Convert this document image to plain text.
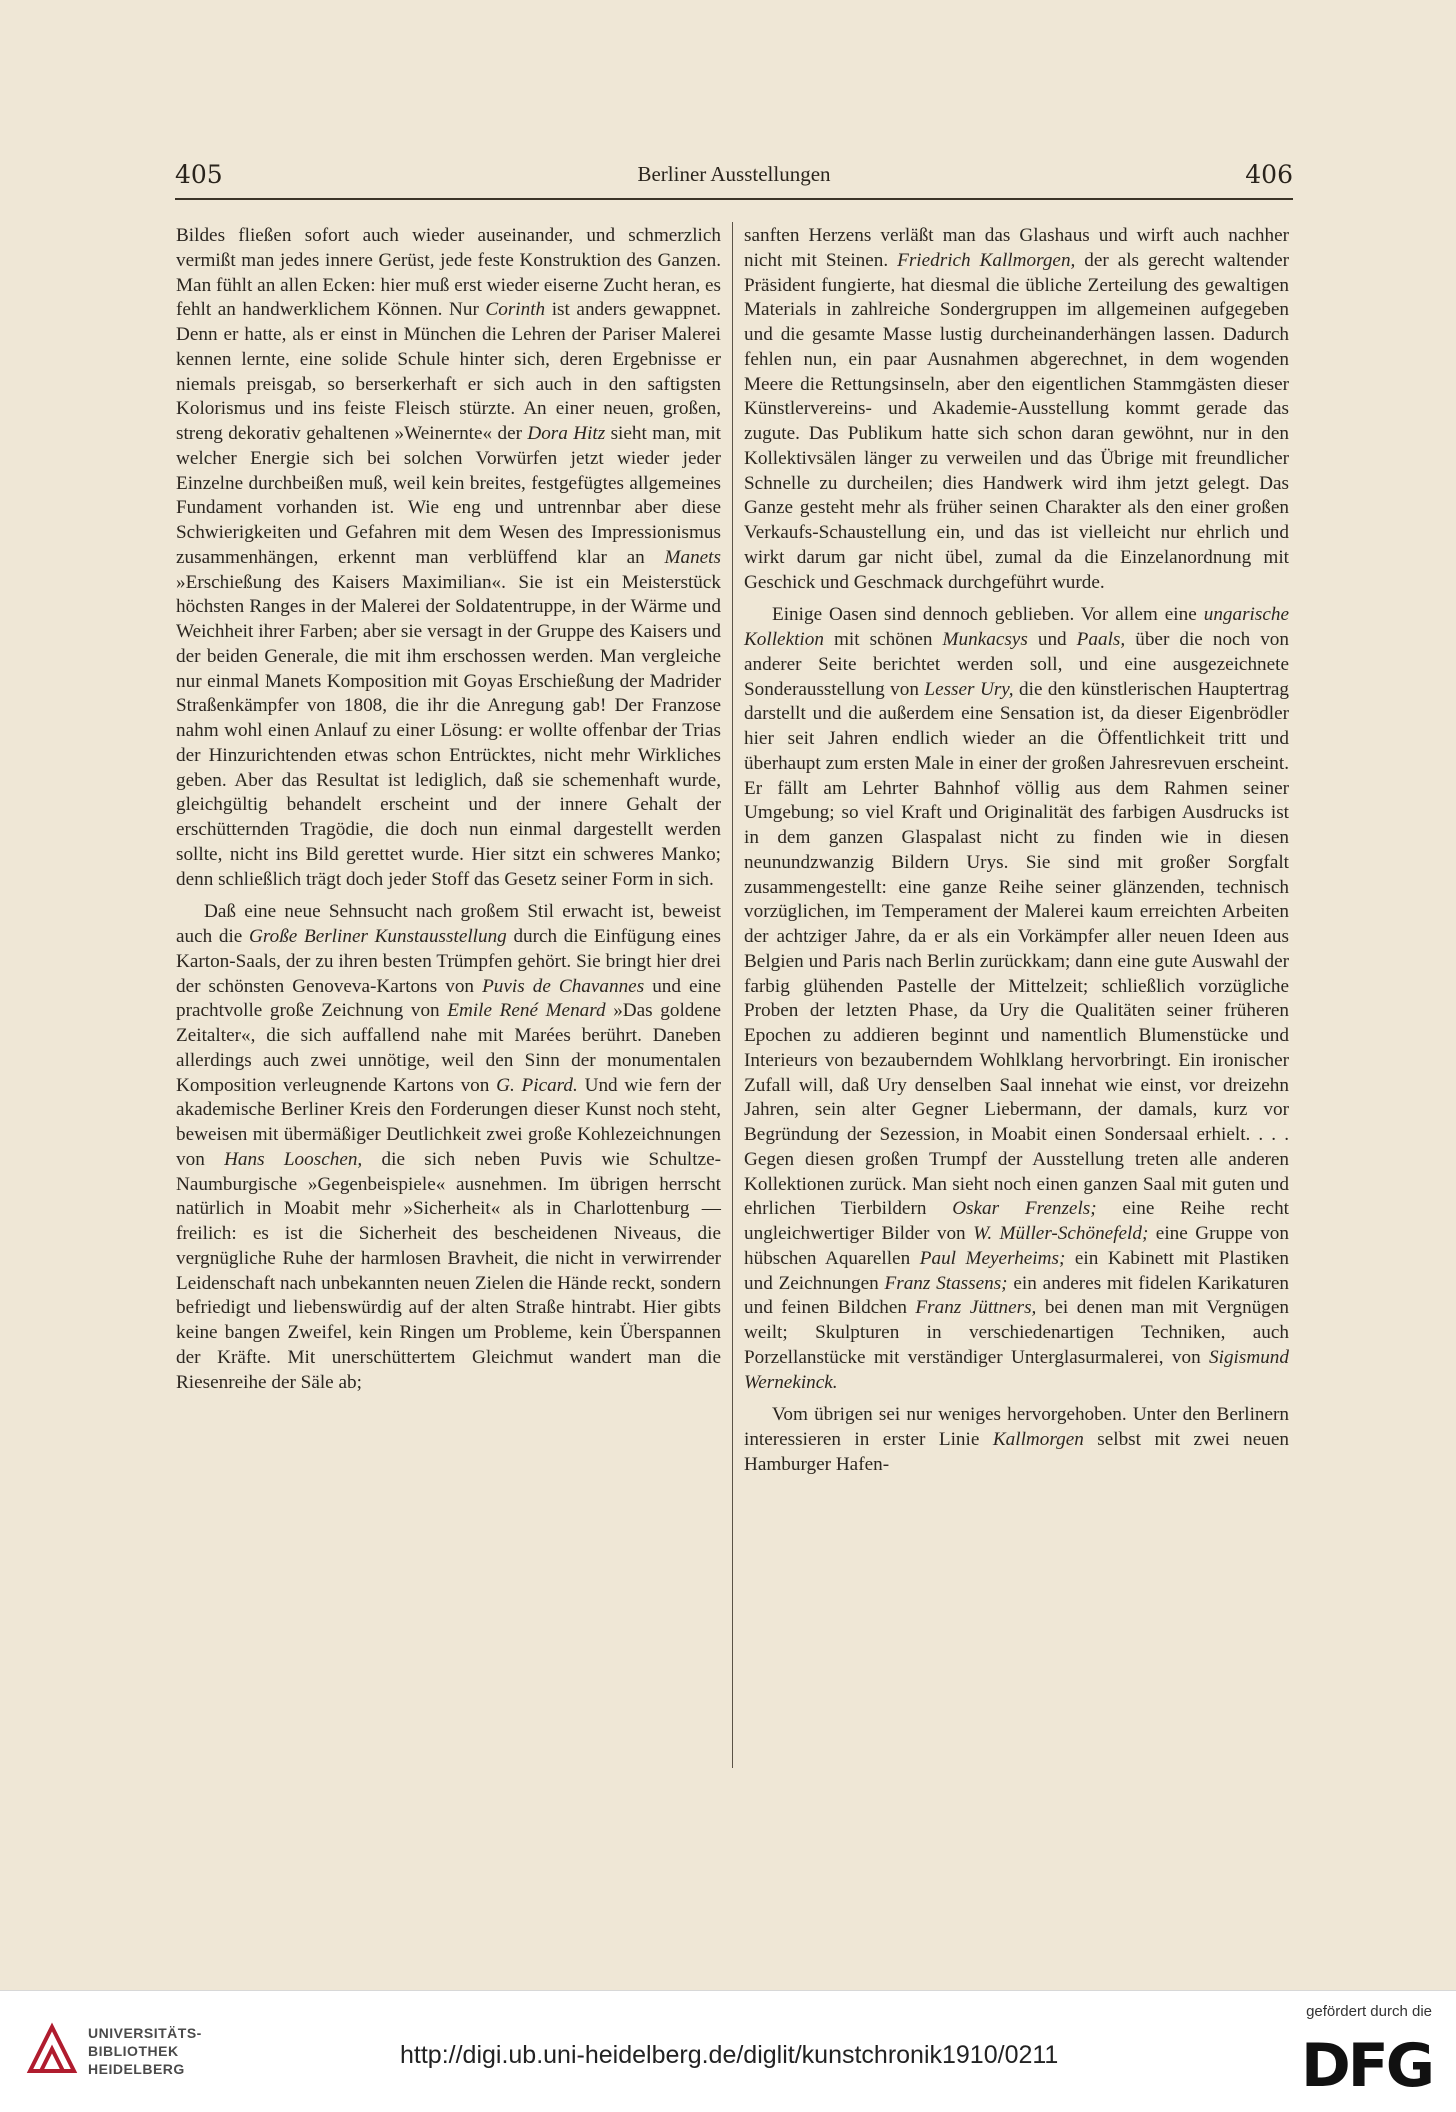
405	Berliner Ausstellungen	406

Bildes fließen sofort auch wieder auseinander, und schmerzlich vermißt man jedes innere Gerüst, jede feste Konstruktion des Ganzen. Man fühlt an allen Ecken: hier muß erst wieder eiserne Zucht heran, es fehlt an handwerklichem Können. Nur Corinth ist anders gewappnet. Denn er hatte, als er einst in München die Lehren der Pariser Malerei kennen lernte, eine solide Schule hinter sich, deren Ergebnisse er niemals preisgab, so berserkerhaft er sich auch in den saftigsten Kolorismus und ins feiste Fleisch stürzte. An einer neuen, großen, streng dekorativ gehaltenen »Weinernte« der Dora Hitz sieht man, mit welcher Energie sich bei solchen Vorwürfen jetzt wieder jeder Einzelne durchbeißen muß, weil kein breites, festgefügtes allgemeines Fundament vorhanden ist. Wie eng und untrennbar aber diese Schwierigkeiten und Gefahren mit dem Wesen des Impressionismus zusammenhängen, erkennt man verblüffend klar an Manets »Erschießung des Kaisers Maximilian«. Sie ist ein Meisterstück höchsten Ranges in der Malerei der Soldatentruppe, in der Wärme und Weichheit ihrer Farben; aber sie versagt in der Gruppe des Kaisers und der beiden Generale, die mit ihm erschossen werden. Man vergleiche nur einmal Manets Komposition mit Goyas Erschießung der Madrider Straßenkämpfer von 1808, die ihr die Anregung gab! Der Franzose nahm wohl einen Anlauf zu einer Lösung: er wollte offenbar der Trias der Hinzurichtenden etwas schon Entrücktes, nicht mehr Wirkliches geben. Aber das Resultat ist lediglich, daß sie schemenhaft wurde, gleichgültig behandelt erscheint und der innere Gehalt der erschütternden Tragödie, die doch nun einmal dargestellt werden sollte, nicht ins Bild gerettet wurde. Hier sitzt ein schweres Manko; denn schließlich trägt doch jeder Stoff das Gesetz seiner Form in sich.

Daß eine neue Sehnsucht nach großem Stil erwacht ist, beweist auch die Große Berliner Kunstausstellung durch die Einfügung eines Karton-Saals, der zu ihren besten Trümpfen gehört. Sie bringt hier drei der schönsten Genoveva-Kartons von Puvis de Chavannes und eine prachtvolle große Zeichnung von Emile René Menard »Das goldene Zeitalter«, die sich auffallend nahe mit Marées berührt. Daneben allerdings auch zwei unnötige, weil den Sinn der monumentalen Komposition verleugnende Kartons von G. Picard. Und wie fern der akademische Berliner Kreis den Forderungen dieser Kunst noch steht, beweisen mit übermäßiger Deutlichkeit zwei große Kohlezeichnungen von Hans Looschen, die sich neben Puvis wie Schultze-Naumburgische »Gegenbeispiele« ausnehmen. Im übrigen herrscht natürlich in Moabit mehr »Sicherheit« als in Charlottenburg — freilich: es ist die Sicherheit des bescheidenen Niveaus, die vergnügliche Ruhe der harmlosen Bravheit, die nicht in verwirrender Leidenschaft nach unbekannten neuen Zielen die Hände reckt, sondern befriedigt und liebenswürdig auf der alten Straße hintrabt. Hier gibts keine bangen Zweifel, kein Ringen um Probleme, kein Überspannen der Kräfte. Mit unerschüttertem Gleichmut wandert man die Riesenreihe der Säle ab;

sanften Herzens verläßt man das Glashaus und wirft auch nachher nicht mit Steinen. Friedrich Kallmorgen, der als gerecht waltender Präsident fungierte, hat diesmal die übliche Zerteilung des gewaltigen Materials in zahlreiche Sondergruppen im allgemeinen aufgegeben und die gesamte Masse lustig durcheinanderhängen lassen. Dadurch fehlen nun, ein paar Ausnahmen abgerechnet, in dem wogenden Meere die Rettungsinseln, aber den eigentlichen Stammgästen dieser Künstlervereins- und Akademie-Ausstellung kommt gerade das zugute. Das Publikum hatte sich schon daran gewöhnt, nur in den Kollektivsälen länger zu verweilen und das Übrige mit freundlicher Schnelle zu durcheilen; dies Handwerk wird ihm jetzt gelegt. Das Ganze gesteht mehr als früher seinen Charakter als den einer großen Verkaufs-Schaustellung ein, und das ist vielleicht nur ehrlich und wirkt darum gar nicht übel, zumal da die Einzelanordnung mit Geschick und Geschmack durchgeführt wurde.

Einige Oasen sind dennoch geblieben. Vor allem eine ungarische Kollektion mit schönen Munkacsys und Paals, über die noch von anderer Seite berichtet werden soll, und eine ausgezeichnete Sonderausstellung von Lesser Ury, die den künstlerischen Hauptertrag darstellt und die außerdem eine Sensation ist, da dieser Eigenbrödler hier seit Jahren endlich wieder an die Öffentlichkeit tritt und überhaupt zum ersten Male in einer der großen Jahresrevuen erscheint. Er fällt am Lehrter Bahnhof völlig aus dem Rahmen seiner Umgebung; so viel Kraft und Originalität des farbigen Ausdrucks ist in dem ganzen Glaspalast nicht zu finden wie in diesen neunundzwanzig Bildern Urys. Sie sind mit großer Sorgfalt zusammengestellt: eine ganze Reihe seiner glänzenden, technisch vorzüglichen, im Temperament der Malerei kaum erreichten Arbeiten der achtziger Jahre, da er als ein Vorkämpfer aller neuen Ideen aus Belgien und Paris nach Berlin zurückkam; dann eine gute Auswahl der farbig glühenden Pastelle der Mittelzeit; schließlich vorzügliche Proben der letzten Phase, da Ury die Qualitäten seiner früheren Epochen zu addieren beginnt und namentlich Blumenstücke und Interieurs von bezauberndem Wohlklang hervorbringt. Ein ironischer Zufall will, daß Ury denselben Saal innehat wie einst, vor dreizehn Jahren, sein alter Gegner Liebermann, der damals, kurz vor Begründung der Sezession, in Moabit einen Sondersaal erhielt. . . . Gegen diesen großen Trumpf der Ausstellung treten alle anderen Kollektionen zurück. Man sieht noch einen ganzen Saal mit guten und ehrlichen Tierbildern Oskar Frenzels; eine Reihe recht ungleichwertiger Bilder von W. Müller-Schönefeld; eine Gruppe von hübschen Aquarellen Paul Meyerheims; ein Kabinett mit Plastiken und Zeichnungen Franz Stassens; ein anderes mit fidelen Karikaturen und feinen Bildchen Franz Jüttners, bei denen man mit Vergnügen weilt; Skulpturen in verschiedenartigen Techniken, auch Porzellanstücke mit verständiger Unterglasurmalerei, von Sigismund Wernekinck.

Vom übrigen sei nur weniges hervorgehoben. Unter den Berlinern interessieren in erster Linie Kallmorgen selbst mit zwei neuen Hamburger Hafen-

UNIVERSITÄTS-
BIBLIOTHEK
HEIDELBERG	http://digi.ub.uni-heidelberg.de/diglit/kunstchronik1910/0211
gefördert durch die
DFG
